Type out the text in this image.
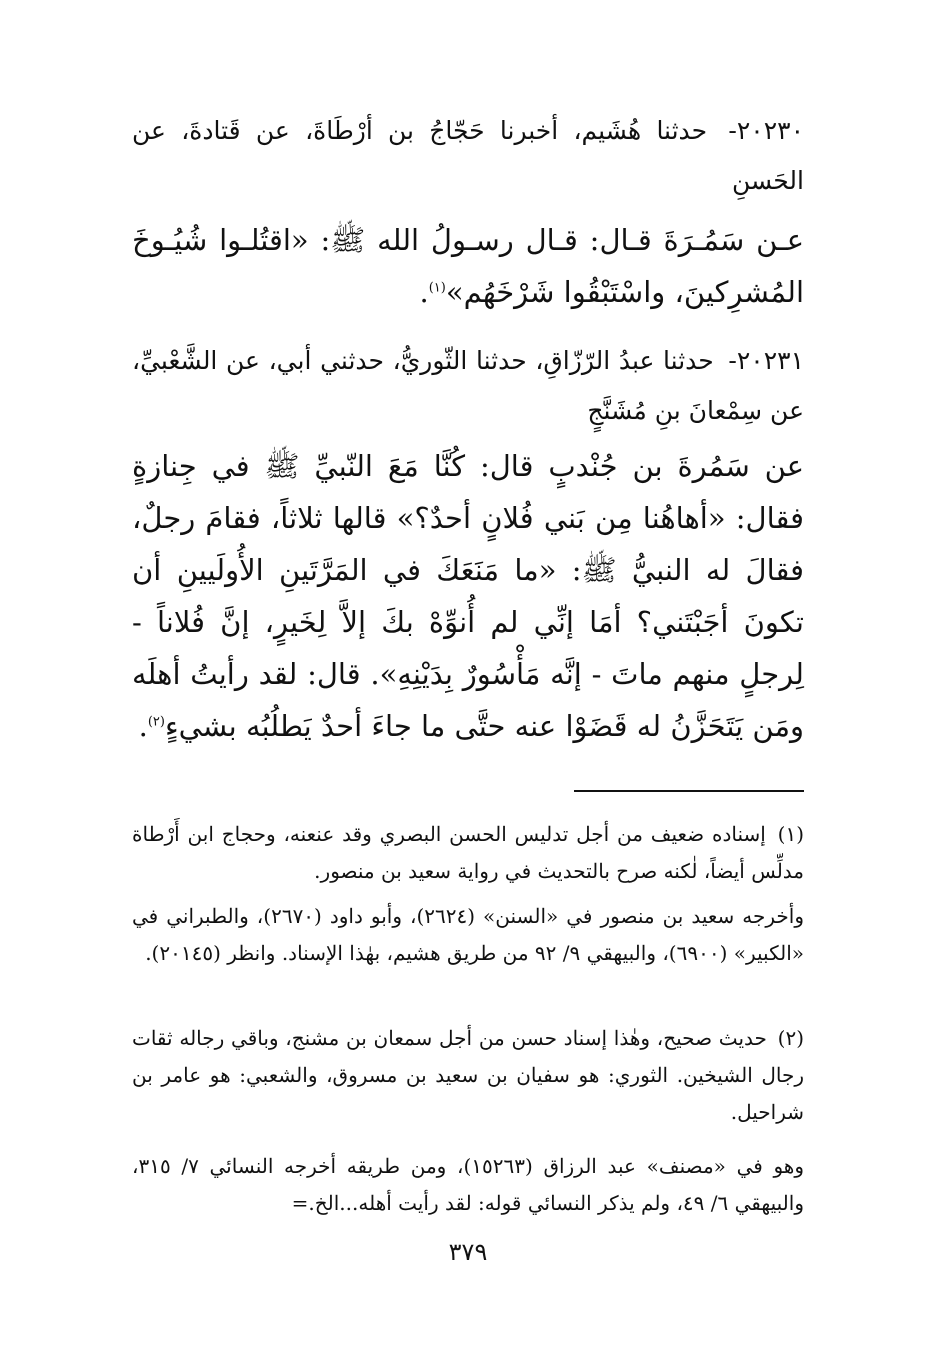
٢٠٢٣٠- حدثنا هُشَيم، أخبرنا حَجّاجُ بن أرْطَاةَ، عن قَتادةَ، عن الحَسنِ
عـن سَمُـرَةَ قـال: قـال رسـولُ الله ﷺ: «اقتُلـوا شُيُـوخَ المُشرِكينَ، واسْتَبْقُوا شَرْخَهُم»$^{(١)}$.
٢٠٢٣١- حدثنا عبدُ الرّزّاقِ، حدثنا الثّوريُّ، حدثني أبي، عن الشَّعْبيِّ، عن سِمْعانَ بنِ مُشَنَّجٍ
عن سَمُرةَ بن جُنْدبٍ قال: كُنَّا مَعَ النّبيِّ ﷺ في جِنازةٍ فقال: «أهاهُنا مِن بَني فُلانٍ أحدٌ؟» قالها ثلاثاً، فقامَ رجلٌ، فقالَ له النبيُّ ﷺ: «ما مَنَعَكَ في المَرَّتَينِ الأُولَيينِ أن تكونَ أجَبْتَني؟ أمَا إنِّي لم أُنوِّهْ بكَ إلاَّ لِخَيرٍ، إنَّ فُلاناً - لِرجلٍ منهم ماتَ - إنَّه مَأْسُورٌ بِدَيْنِهِ». قال: لقد رأيتُ أهلَه ومَن يَتَحَزَّنُ له قَضَوْا عنه حتَّى ما جاءَ أحدٌ يَطلُبُه بشيءٍ$^{(٢)}$.
(١) إسناده ضعيف من أجل تدليس الحسن البصري وقد عنعنه، وحجاج ابن أَرْطاة مدلِّس أيضاً، لٰكنه صرح بالتحديث في رواية سعيد بن منصور.
وأخرجه سعيد بن منصور في «السنن» (٢٦٢٤)، وأبو داود (٢٦٧٠)، والطبراني في «الكبير» (٦٩٠٠)، والبيهقي ٩/ ٩٢ من طريق هشيم، بهٰذا الإسناد. وانظر (٢٠١٤٥).
(٢) حديث صحيح، وهٰذا إسناد حسن من أجل سمعان بن مشنج، وباقي رجاله ثقات رجال الشيخين. الثوري: هو سفيان بن سعيد بن مسروق، والشعبي: هو عامر بن شراحيل.
وهو في «مصنف» عبد الرزاق (١٥٢٦٣)، ومن طريقه أخرجه النسائي ٧/ ٣١٥، والبيهقي ٦/ ٤٩، ولم يذكر النسائي قوله: لقد رأيت أهله...الخ.=
٣٧٩
